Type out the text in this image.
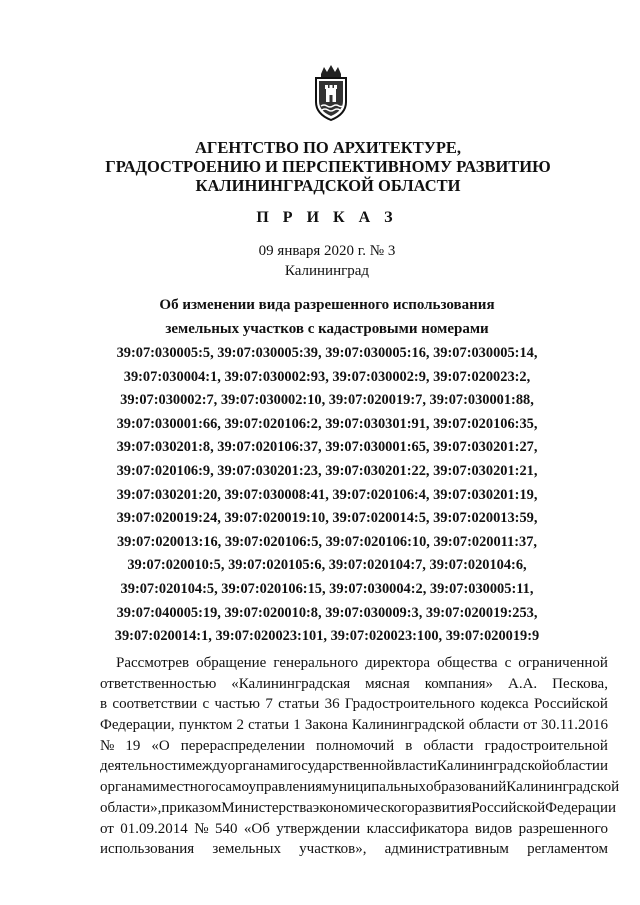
АГЕНТСТВО ПО АРХИТЕКТУРЕ,
ГРАДОСТРОЕНИЮ И ПЕРСПЕКТИВНОМУ РАЗВИТИЮ
КАЛИНИНГРАДСКОЙ ОБЛАСТИ
П Р И К А З
09 января 2020 г. № 3
Калининград
Об изменении вида разрешенного использования
земельных участков с кадастровыми номерами
39:07:030005:5, 39:07:030005:39, 39:07:030005:16, 39:07:030005:14,
39:07:030004:1, 39:07:030002:93, 39:07:030002:9, 39:07:020023:2,
39:07:030002:7, 39:07:030002:10, 39:07:020019:7, 39:07:030001:88,
39:07:030001:66, 39:07:020106:2, 39:07:030301:91, 39:07:020106:35,
39:07:030201:8, 39:07:020106:37, 39:07:030001:65, 39:07:030201:27,
39:07:020106:9, 39:07:030201:23, 39:07:030201:22, 39:07:030201:21,
39:07:030201:20, 39:07:030008:41, 39:07:020106:4, 39:07:030201:19,
39:07:020019:24, 39:07:020019:10, 39:07:020014:5, 39:07:020013:59,
39:07:020013:16, 39:07:020106:5, 39:07:020106:10, 39:07:020011:37,
39:07:020010:5, 39:07:020105:6, 39:07:020104:7, 39:07:020104:6,
39:07:020104:5, 39:07:020106:15, 39:07:030004:2, 39:07:030005:11,
39:07:040005:19, 39:07:020010:8, 39:07:030009:3, 39:07:020019:253,
39:07:020014:1, 39:07:020023:101, 39:07:020023:100, 39:07:020019:9
Рассмотрев обращение генерального директора общества с ограниченной
ответственностью «Калининградская мясная компания» А.А. Пескова,
в соответствии с частью 7 статьи 36 Градостроительного кодекса Российской
Федерации, пунктом 2 статьи 1 Закона Калининградской области от 30.11.2016
№ 19 «О перераспределении полномочий в области градостроительной
деятельности между органами государственной власти Калининградской области и
органами местного самоуправления муниципальных образований Калининградской
области», приказом Министерства экономического развития Российской Федерации
от 01.09.2014 № 540 «Об утверждении классификатора видов разрешенного
использования земельных участков», административным регламентом
